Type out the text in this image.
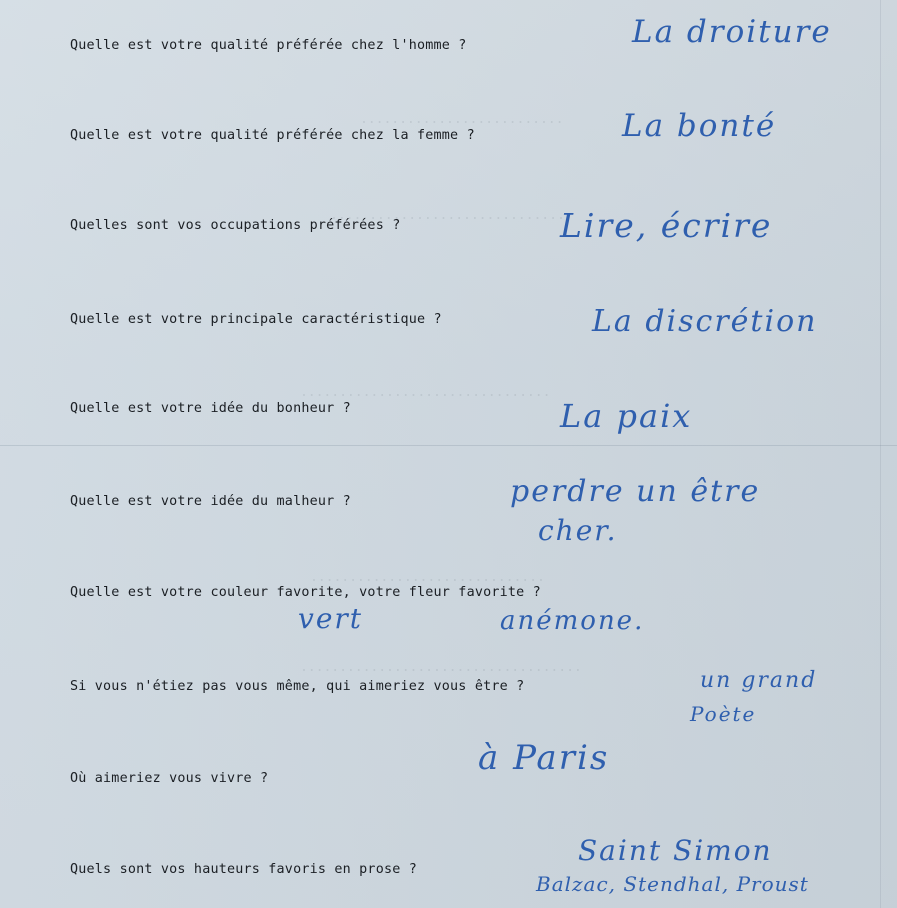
..........................
..............................
................................
..............................
....................................
Quelle est votre qualité préférée chez l'homme ?	La droiture
Quelle est votre qualité préférée chez la femme ?	La bonté
Quelles sont vos occupations préférées ?	Lire, écrire
Quelle est votre principale caractéristique ?	La discrétion
Quelle est votre idée du bonheur ?	La paix
Quelle est votre idée du malheur ?	perdre un être
cher.
Quelle est votre couleur favorite, votre fleur favorite ?
vert	anémone.
Si vous n'étiez pas vous même, qui aimeriez vous être ?	un grand
Poète
Où aimeriez vous vivre ?
à Paris
Quels sont vos hauteurs favoris en prose ?
Saint Simon
Balzac, Stendhal, Proust
